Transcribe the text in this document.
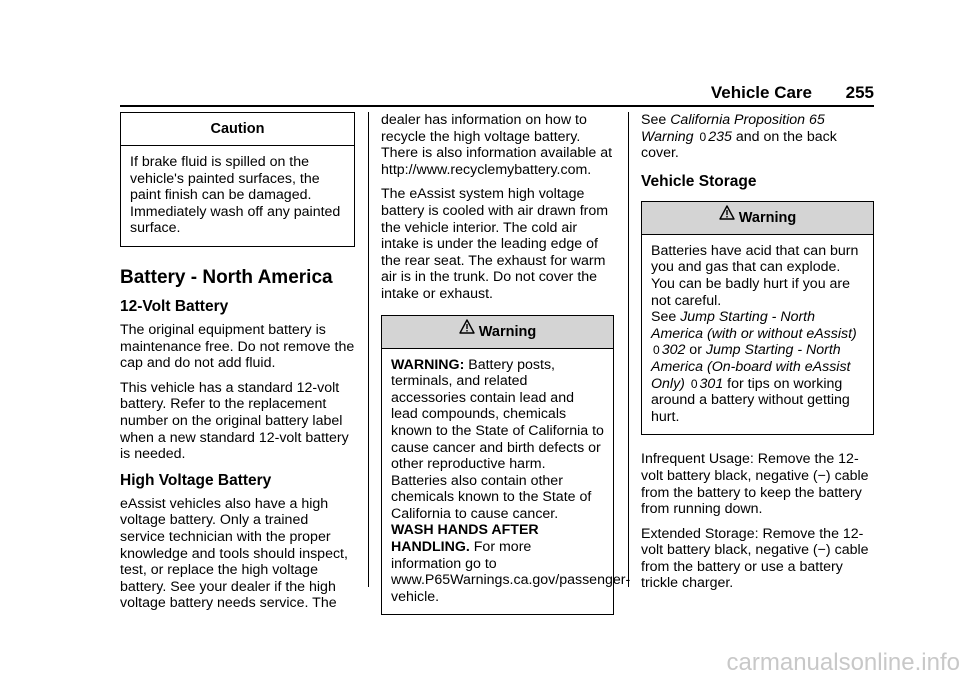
Vehicle Care 255
Caution

If brake fluid is spilled on the vehicle's painted surfaces, the paint finish can be damaged. Immediately wash off any painted surface.

Battery - North America
12-Volt Battery

The original equipment battery is maintenance free. Do not remove the cap and do not add fluid.

This vehicle has a standard 12-volt battery. Refer to the replacement number on the original battery label when a new standard 12-volt battery is needed.

High Voltage Battery

eAssist vehicles also have a high voltage battery. Only a trained service technician with the proper knowledge and tools should inspect, test, or replace the high voltage battery. See your dealer if the high voltage battery needs service. The

dealer has information on how to recycle the high voltage battery. There is also information available at http://www.recyclemybattery.com.

The eAssist system high voltage battery is cooled with air drawn from the vehicle interior. The cold air intake is under the leading edge of the rear seat. The exhaust for warm air is in the trunk. Do not cover the intake or exhaust.

Warning

WARNING: Battery posts, terminals, and related accessories contain lead and lead compounds, chemicals known to the State of California to cause cancer and birth defects or other reproductive harm. Batteries also contain other chemicals known to the State of California to cause cancer. WASH HANDS AFTER HANDLING. For more information go to www.P65Warnings.ca.gov/passenger-vehicle.

See California Proposition 65 Warning 0 235 and on the back cover.

Vehicle Storage
Warning

Batteries have acid that can burn you and gas that can explode. You can be badly hurt if you are not careful.

See Jump Starting - North America (with or without eAssist) 0 302 or Jump Starting - North America (On-board with eAssist Only) 0 301 for tips on working around a battery without getting hurt.

Infrequent Usage: Remove the 12-volt battery black, negative (−) cable from the battery to keep the battery from running down.

Extended Storage: Remove the 12-volt battery black, negative (−) cable from the battery or use a battery trickle charger.

carmanualsonline.info
